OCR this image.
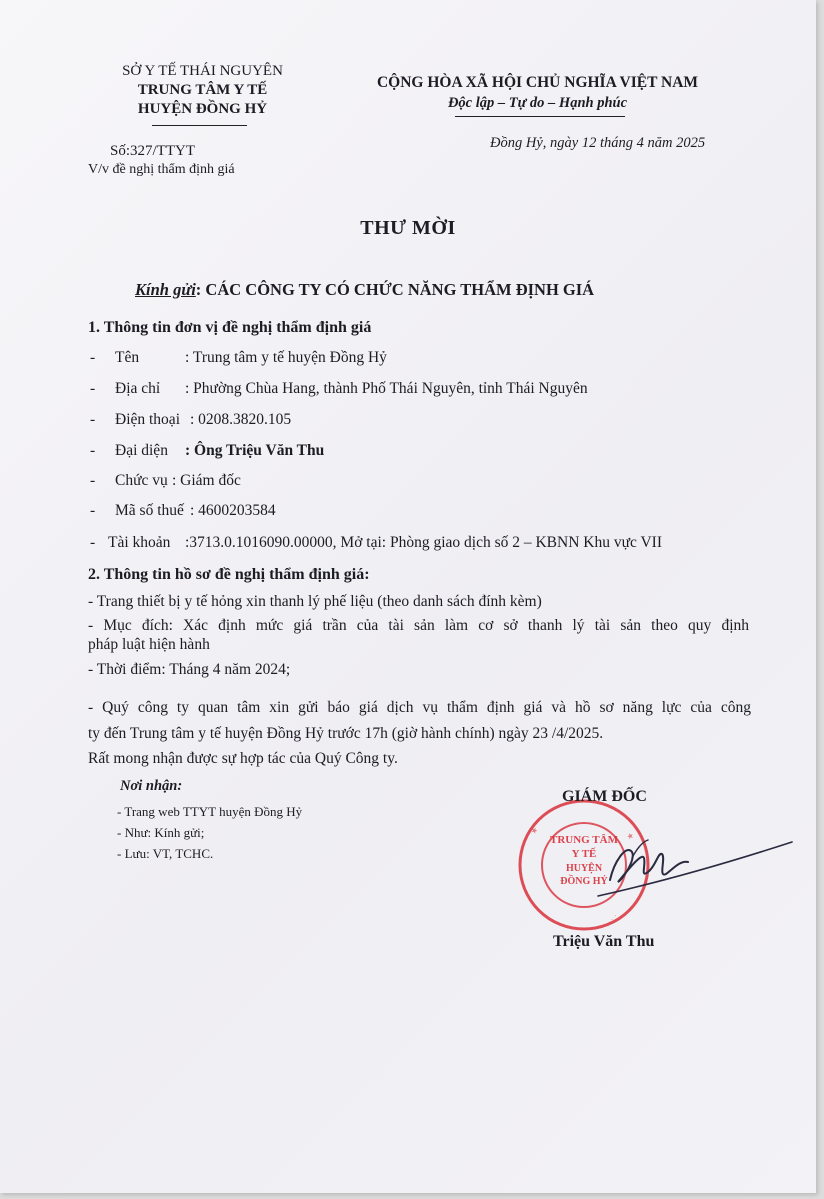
SỞ Y TẾ THÁI NGUYÊN
TRUNG TÂM Y TẾ
HUYỆN ĐỒNG HỶ
Số:327/TTYT
V/v đề nghị thẩm định giá
CỘNG HÒA XÃ HỘI CHỦ NGHĨA VIỆT NAM
Độc lập – Tự do – Hạnh phúc
Đồng Hỷ, ngày 12 tháng 4 năm 2025
THƯ MỜI
Kính gửi: CÁC CÔNG TY CÓ CHỨC NĂNG THẨM ĐỊNH GIÁ
1. Thông tin đơn vị đề nghị thẩm định giá
- Tên	: Trung tâm y tế huyện Đồng Hỷ
- Địa chỉ : Phường Chùa Hang, thành Phố Thái Nguyên, tỉnh Thái Nguyên
- Điện thoại : 0208.3820.105
- Đại diện : Ông Triệu Văn Thu
- Chức vụ : Giám đốc
- Mã số thuế : 4600203584
- Tài khoản :3713.0.1016090.00000, Mở tại: Phòng giao dịch số 2 – KBNN Khu vực VII
2. Thông tin hồ sơ đề nghị thẩm định giá:
- Trang thiết bị y tế hỏng xin thanh lý phế liệu (theo danh sách đính kèm)
- Mục đích: Xác định mức giá trần của tài sản làm cơ sở thanh lý tài sản theo quy định
pháp luật hiện hành
- Thời điểm: Tháng 4 năm 2024;
- Quý công ty quan tâm xin gửi báo giá dịch vụ thẩm định giá và hồ sơ năng lực của công
ty đến Trung tâm y tế huyện Đồng Hỷ trước 17h (giờ hành chính) ngày 23 /4/2025.
Rất mong nhận được sự hợp tác của Quý Công ty.
Nơi nhận:
- Trang web TTYT huyện Đồng Hỷ
- Như: Kính gửi;
- Lưu: VT, TCHC.
★	★
· · ·
· · ·
TRUNG TÂM
Y TẾ
HUYỆN
ĐỒNG HỶ
GIÁM ĐỐC
Triệu Văn Thu
